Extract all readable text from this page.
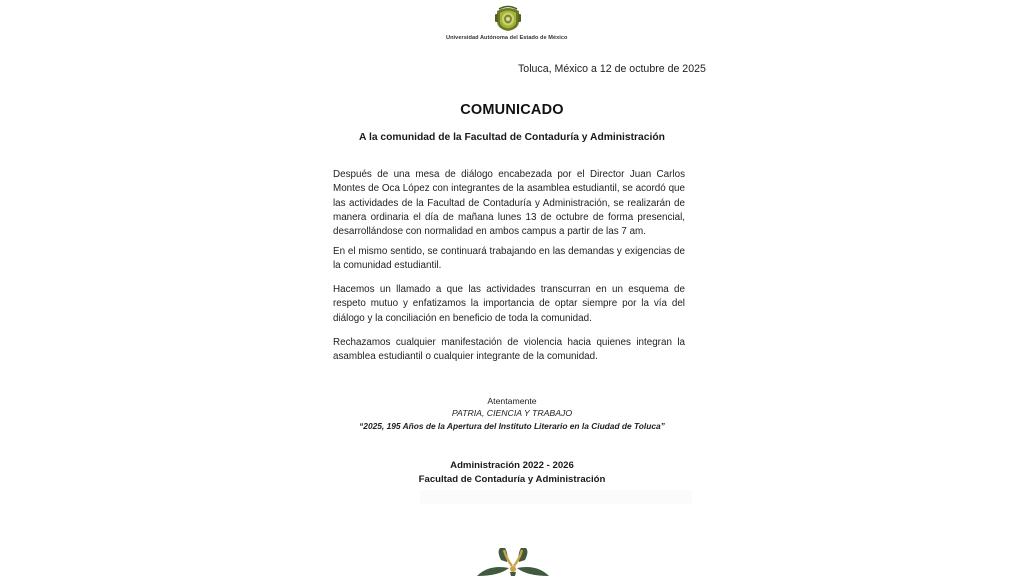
Universidad Autónoma del Estado de México
Toluca, México a 12 de octubre de 2025
COMUNICADO
A la comunidad de la Facultad de Contaduría y Administración
Después de una mesa de diálogo encabezada por el Director Juan Carlos Montes de Oca López con integrantes de la asamblea estudiantil, se acordó que las actividades de la Facultad de Contaduría y Administración, se realizarán de manera ordinaria el día de mañana lunes 13 de octubre de forma presencial, desarrollándose con normalidad en ambos campus a partir de las 7 am.
En el mismo sentido, se continuará trabajando en las demandas y exigencias de la comunidad estudiantil.
Hacemos un llamado a que las actividades transcurran en un esquema de respeto mutuo y enfatizamos la importancia de optar siempre por la vía del diálogo y la conciliación en beneficio de toda la comunidad.
Rechazamos cualquier manifestación de violencia hacia quienes integran la asamblea estudiantil o cualquier integrante de la comunidad.
Atentamente
PATRIA, CIENCIA Y TRABAJO
“2025, 195 Años de la Apertura del Instituto Literario en la Ciudad de Toluca”
Administración 2022 - 2026
Facultad de Contaduría y Administración
